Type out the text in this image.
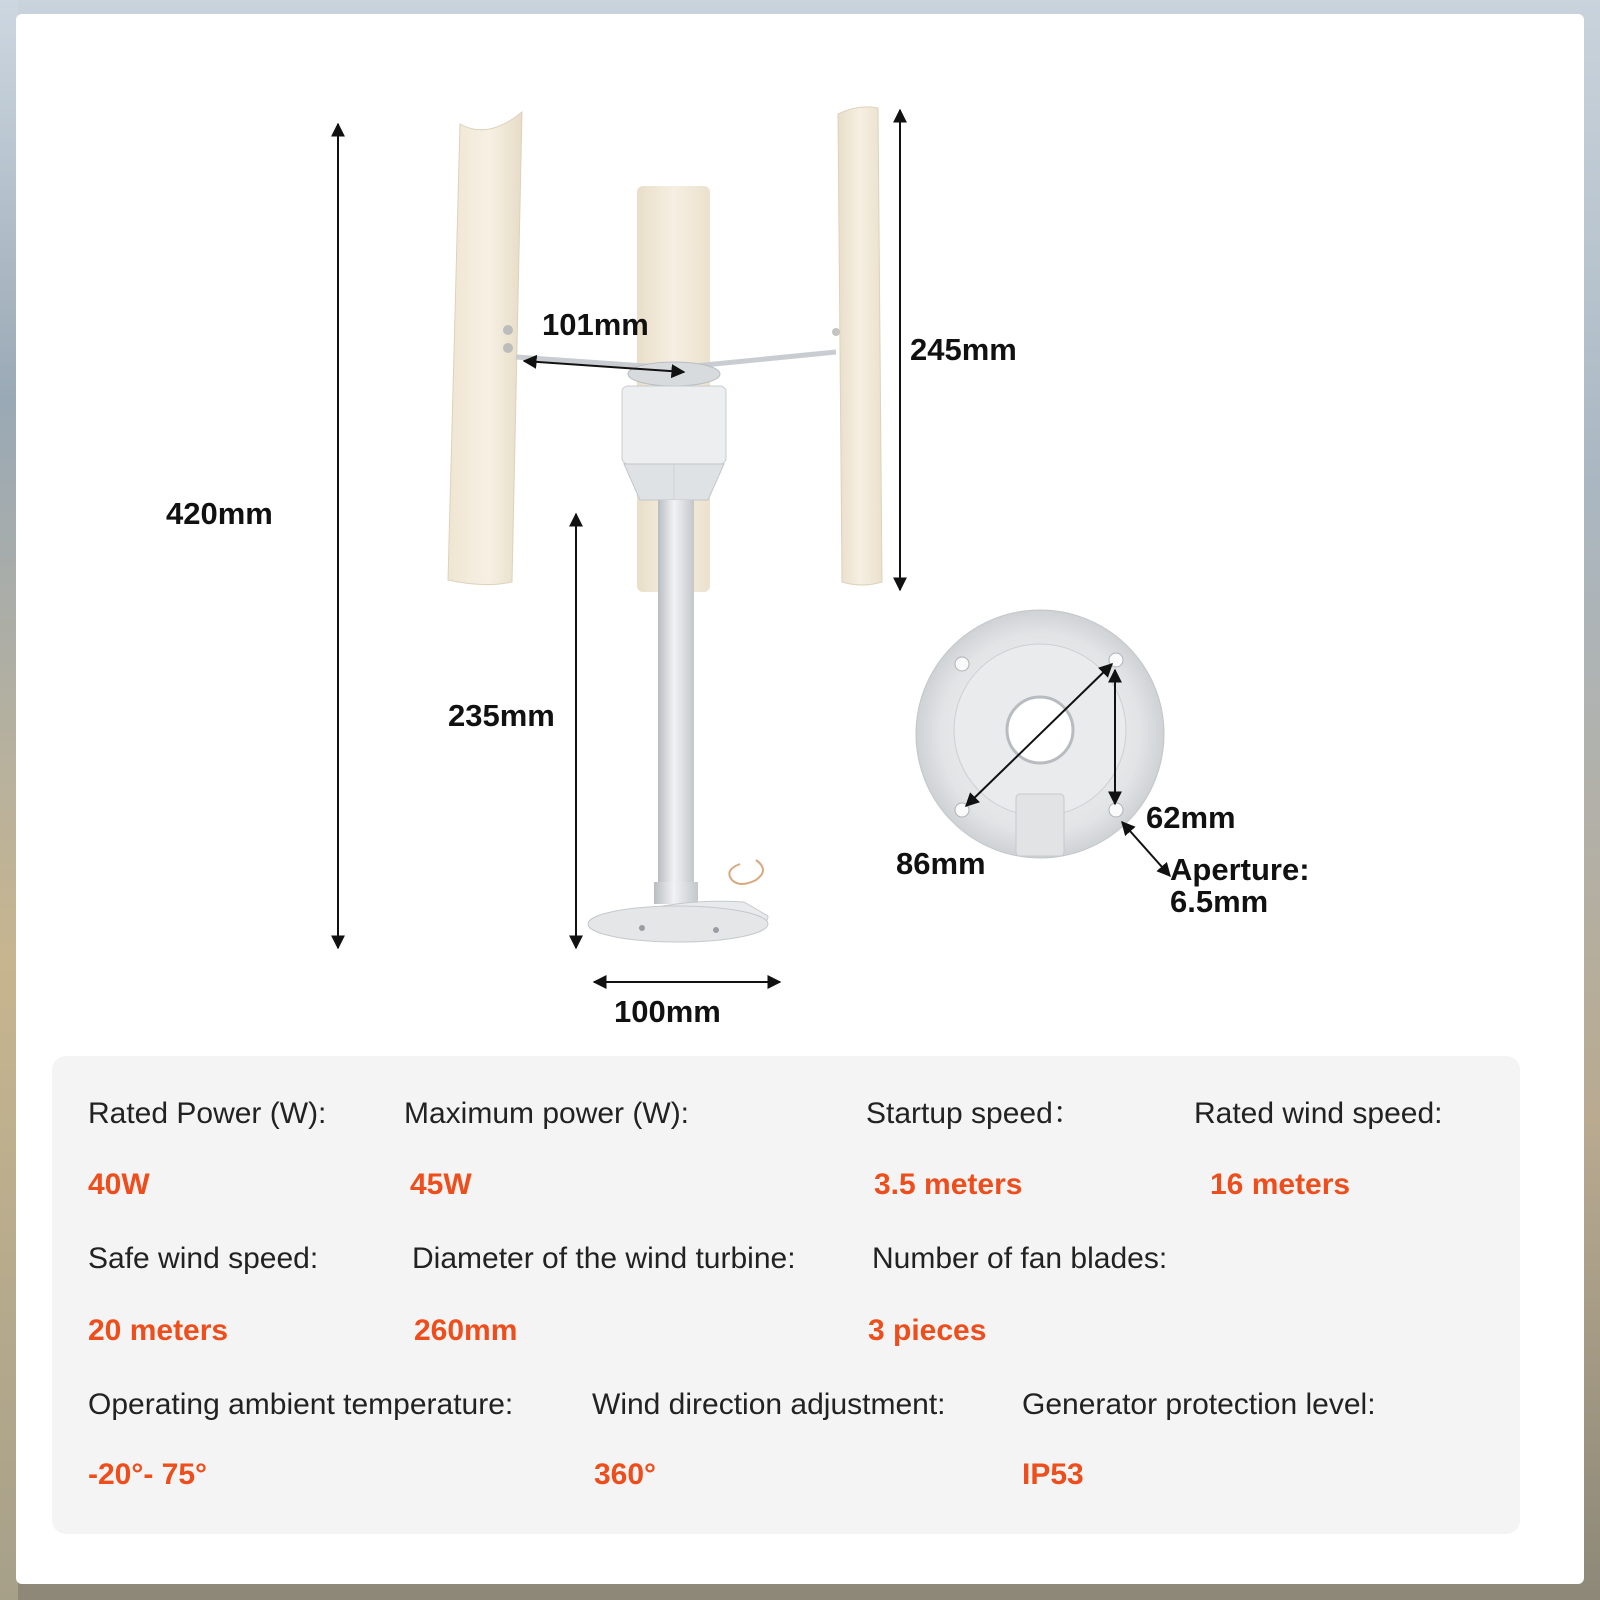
420mm
101mm
245mm
235mm
100mm
86mm
62mm
Aperture:
6.5mm
Rated Power (W):
40W
Maximum power (W):
45W
Startup speed：
3.5 meters
Rated wind speed:
16 meters
Safe wind speed:
20 meters
Diameter of the wind turbine:
260mm
Number of fan blades:
3 pieces
Operating ambient temperature:
-20°- 75°
Wind direction adjustment:
360°
Generator protection level:
IP53
